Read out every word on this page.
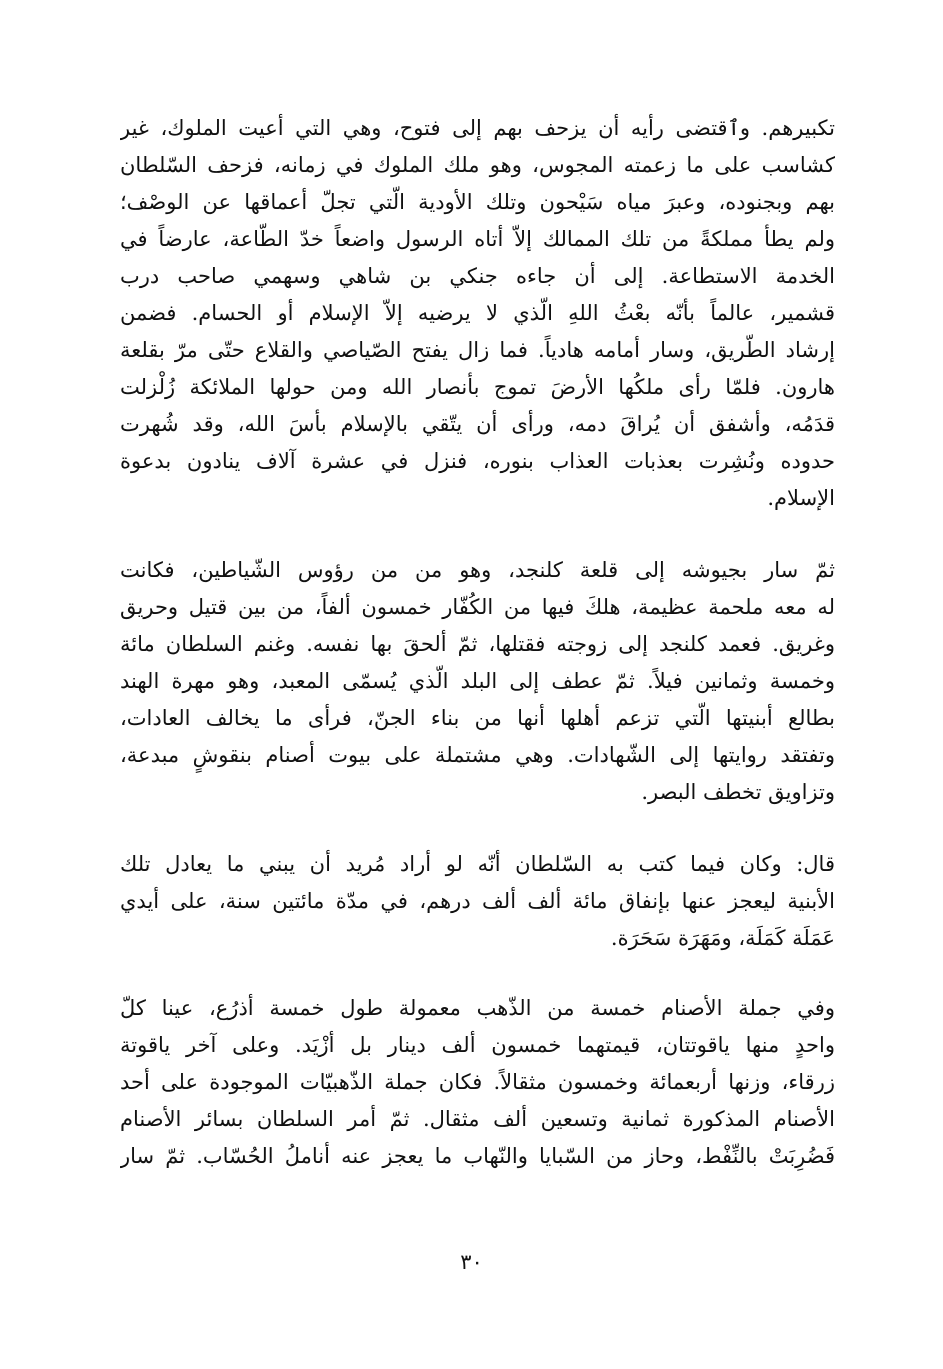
تكبيرهم. وٱقتضى رأيه أن يزحف بهم إلى فتوح، وهي التي أعيت الملوك، غير
كشاسب على ما زعمته المجوس، وهو ملك الملوك في زمانه، فزحف السّلطان
بهم وبجنوده، وعبرَ مياه سَيْحون وتلك الأودية الّتي تجلّ أعماقها عن الوصْف؛
ولم يطأ مملكةً من تلك الممالك إلاّ أتاه الرسول واضعاً خدّ الطّاعة، عارضاً في
الخدمة الاستطاعة. إلى أن جاءه جنكي بن شاهي وسهمي صاحب درب
قشمير، عالماً بأنّه بعْثُ اللهِ الّذي لا يرضيه إلاّ الإسلام أو الحسام. فضمن
إرشاد الطّريق، وسار أمامه هادياً. فما زال يفتح الصّياصي والقلاع حتّى مرّ بقلعة
هارون. فلمّا رأى ملكُها الأرضَ تموج بأنصار الله ومن حولها الملائكة زُلْزلت
قدَمُه، وأشفق أن يُراقَ دمه، ورأى أن يتّقي بالإسلام بأسَ الله، وقد شُهرت
حدوده ونُشِرت بعذبات العذاب بنوره، فنزل في عشرة آلاف ينادون بدعوة
الإسلام.
ثمّ سار بجيوشه إلى قلعة كلنجد، وهو من من رؤوس الشّياطين، فكانت
له معه ملحمة عظيمة، هلكَ فيها من الكُفّار خمسون ألفاً، من بين قتيل وحريق
وغريق. فعمد كلنجد إلى زوجته فقتلها، ثمّ ألحقَ بها نفسه. وغنم السلطان مائة
وخمسة وثمانين فيلاً. ثمّ عطف إلى البلد الّذي يُسمّى المعبد، وهو مهرة الهند
بطالع أبنيتها الّتي تزعم أهلها أنها من بناء الجنّ، فرأى ما يخالف العادات،
وتفتقد روايتها إلى الشّهادات. وهي مشتملة على بيوت أصنام بنقوشٍ مبدعة،
وتزاويق تخطف البصر.
قال: وكان فيما كتب به السّلطان أنّه لو أراد مُريد أن يبني ما يعادل تلك
الأبنية ليعجز عنها بإنفاق مائة ألف ألف درهم، في مدّة مائتين سنة، على أيدي
عَمَلَة كَمَلَة، ومَهَرَة سَحَرَة.
وفي جملة الأصنام خمسة من الذّهب معمولة طول خمسة أذرُع، عينا كلّ
واحدٍ منها ياقوتتان، قيمتهما خمسون ألف دينار بل أزْيَد. وعلى آخر ياقوتة
زرقاء، وزنها أربعمائة وخمسون مثقالاً. فكان جملة الذّهبيّات الموجودة على أحد
الأصنام المذكورة ثمانية وتسعين ألف مثقال. ثمّ أمر السلطان بسائر الأصنام
فَضُرِبَتْ بالنِّفْط، وحاز من السّبايا والنّهاب ما يعجز عنه أناملُ الحُسّاب. ثمّ سار
٣٠
